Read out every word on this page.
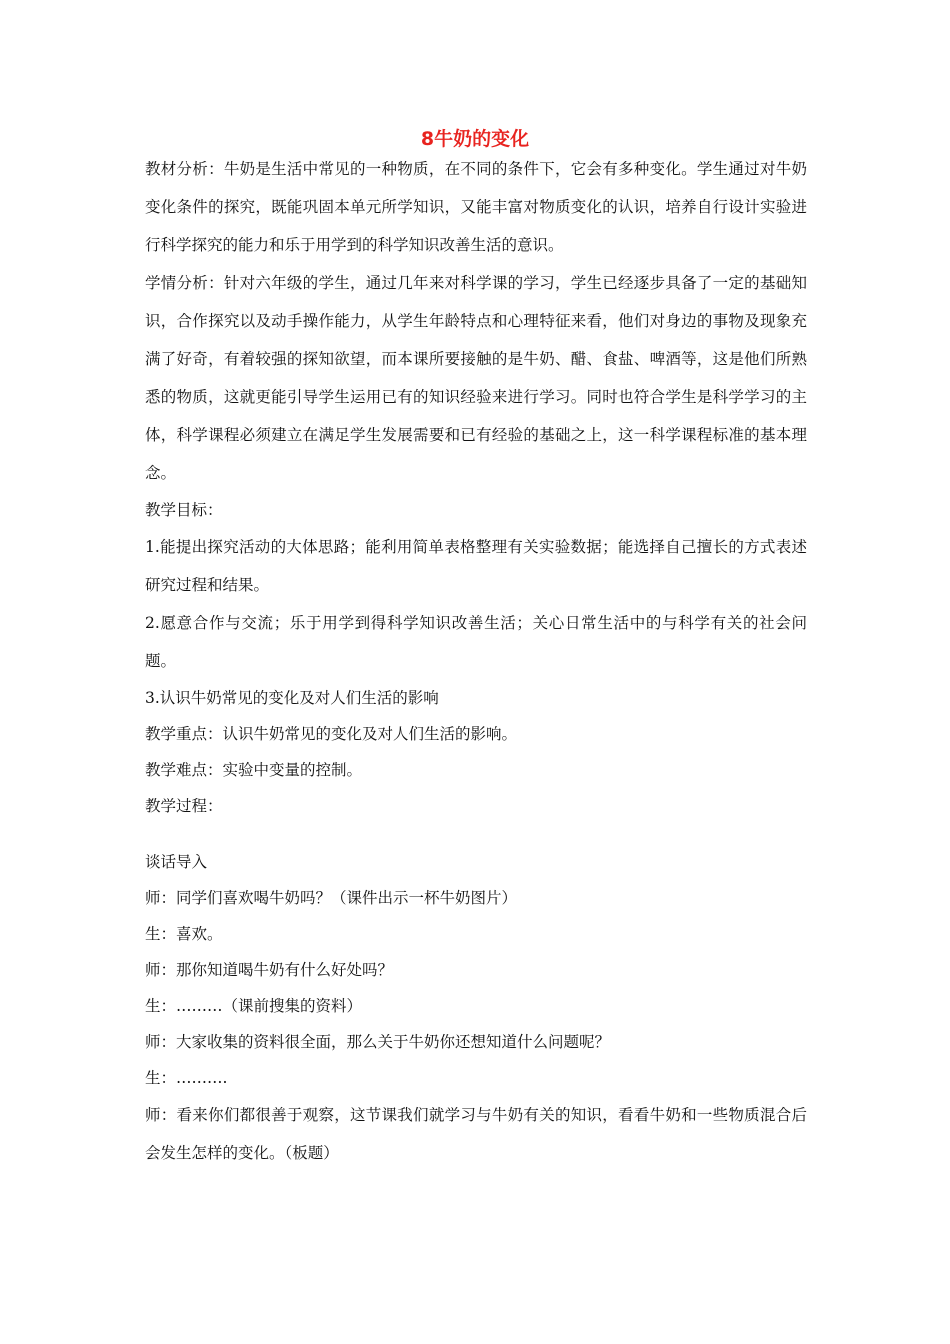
8牛奶的变化

教材分析：牛奶是生活中常见的一种物质，在不同的条件下，它会有多种变化。学生通过对牛奶变化条件的探究，既能巩固本单元所学知识，又能丰富对物质变化的认识，培养自行设计实验进行科学探究的能力和乐于用学到的科学知识改善生活的意识。

学情分析：针对六年级的学生，通过几年来对科学课的学习，学生已经逐步具备了一定的基础知识，合作探究以及动手操作能力，从学生年龄特点和心理特征来看，他们对身边的事物及现象充满了好奇，有着较强的探知欲望，而本课所要接触的是牛奶、醋、食盐、啤酒等，这是他们所熟悉的物质，这就更能引导学生运用已有的知识经验来进行学习。同时也符合学生是科学学习的主体，科学课程必须建立在满足学生发展需要和已有经验的基础之上，这一科学课程标准的基本理念。

教学目标：

1.能提出探究活动的大体思路；能利用简单表格整理有关实验数据；能选择自己擅长的方式表述研究过程和结果。

2.愿意合作与交流；乐于用学到得科学知识改善生活；关心日常生活中的与科学有关的社会问题。

3.认识牛奶常见的变化及对人们生活的影响

教学重点：认识牛奶常见的变化及对人们生活的影响。

教学难点：实验中变量的控制。

教学过程：

谈话导入

师：同学们喜欢喝牛奶吗？（课件出示一杯牛奶图片）

生：喜欢。

师：那你知道喝牛奶有什么好处吗？

生：………（课前搜集的资料）

师：大家收集的资料很全面，那么关于牛奶你还想知道什么问题呢？

生：……….

师：看来你们都很善于观察，这节课我们就学习与牛奶有关的知识，看看牛奶和一些物质混合后会发生怎样的变化。（板题）
